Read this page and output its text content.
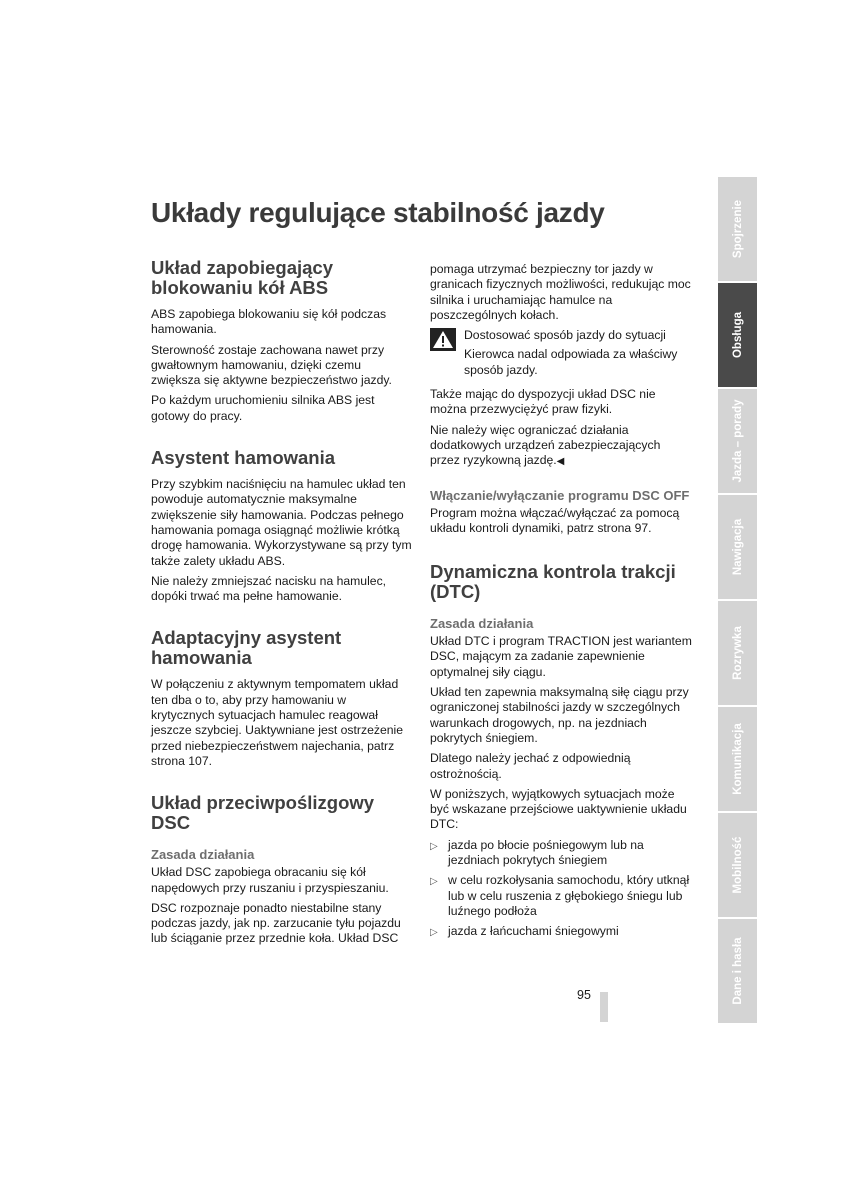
Układy regulujące stabilność jazdy
Układ zapobiegający blokowaniu kół ABS

ABS zapobiega blokowaniu się kół podczas hamowania.

Sterowność zostaje zachowana nawet przy gwałtownym hamowaniu, dzięki czemu zwiększa się aktywne bezpieczeństwo jazdy.

Po każdym uruchomieniu silnika ABS jest gotowy do pracy.

Asystent hamowania

Przy szybkim naciśnięciu na hamulec układ ten powoduje automatycznie maksymalne zwiększenie siły hamowania. Podczas pełnego hamowania pomaga osiągnąć możliwie krótką drogę hamowania. Wykorzystywane są przy tym także zalety układu ABS.

Nie należy zmniejszać nacisku na hamulec, dopóki trwać ma pełne hamowanie.

Adaptacyjny asystent hamowania

W połączeniu z aktywnym tempomatem układ ten dba o to, aby przy hamowaniu w krytycznych sytuacjach hamulec reagował jeszcze szybciej. Uaktywniane jest ostrzeżenie przed niebezpieczeństwem najechania, patrz strona 107.

Układ przeciwpoślizgowy DSC
Zasada działania

Układ DSC zapobiega obracaniu się kół napędowych przy ruszaniu i przyspieszaniu.

DSC rozpoznaje ponadto niestabilne stany podczas jazdy, jak np. zarzucanie tyłu pojazdu lub ściąganie przez przednie koła. Układ DSC

pomaga utrzymać bezpieczny tor jazdy w granicach fizycznych możliwości, redukując moc silnika i uruchamiając hamulce na poszczególnych kołach.

Dostosować sposób jazdy do sytuacji

Kierowca nadal odpowiada za właściwy sposób jazdy.

Także mając do dyspozycji układ DSC nie można przezwyciężyć praw fizyki.

Nie należy więc ograniczać działania dodatkowych urządzeń zabezpieczających przez ryzykowną jazdę.◀

Włączanie/wyłączanie programu DSC OFF

Program można włączać/wyłączać za pomocą układu kontroli dynamiki, patrz strona 97.

Dynamiczna kontrola trakcji (DTC)
Zasada działania

Układ DTC i program TRACTION jest wariantem DSC, mającym za zadanie zapewnienie optymalnej siły ciągu.

Układ ten zapewnia maksymalną siłę ciągu przy ograniczonej stabilności jazdy w szczególnych warunkach drogowych, np. na jezdniach pokrytych śniegiem.

Dlatego należy jechać z odpowiednią ostrożnością.

W poniższych, wyjątkowych sytuacjach może być wskazane przejściowe uaktywnienie układu DTC:

▷ jazda po błocie pośniegowym lub na jezdniach pokrytych śniegiem
▷ w celu rozkołysania samochodu, który utknął lub w celu ruszenia z głębokiego śniegu lub luźnego podłoża
▷ jazda z łańcuchami śniegowymi
95
Spojrzenie
Obsługa
Jazda – porady
Nawigacja
Rozrywka
Komunikacja
Mobilność
Dane i hasła
